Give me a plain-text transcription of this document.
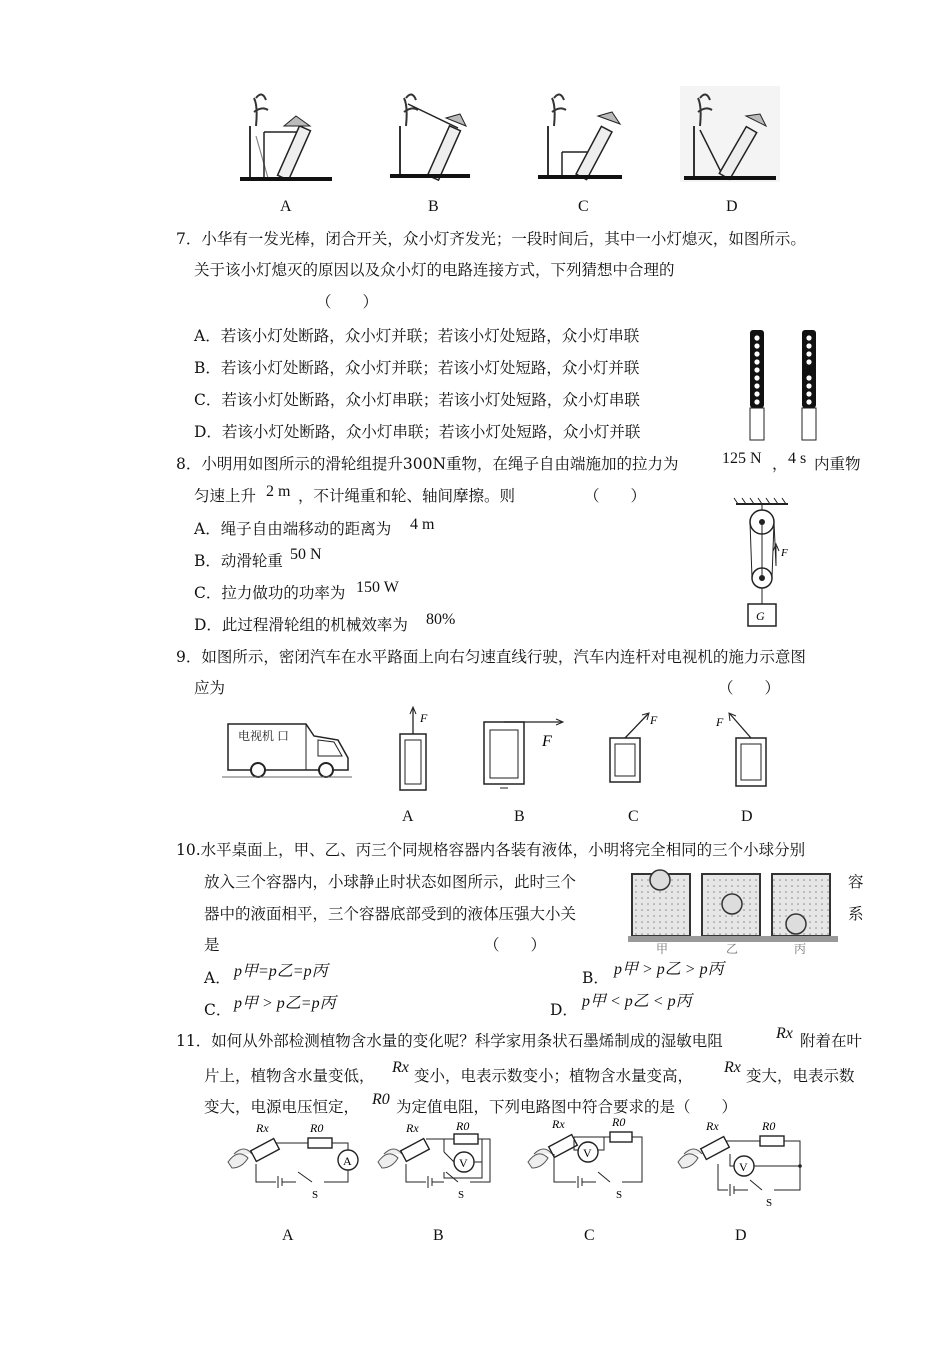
A	B	C	D
7．小华有一发光棒，闭合开关，众小灯齐发光；一段时间后，其中一小灯熄灭，如图所示。
关于该小灯熄灭的原因以及众小灯的电路连接方式，下列猜想中合理的
（　　）
A．若该小灯处断路，众小灯并联；若该小灯处短路，众小灯串联
B．若该小灯处断路，众小灯并联；若该小灯处短路，众小灯并联
C．若该小灯处断路，众小灯串联；若该小灯处短路，众小灯串联
D．若该小灯处断路，众小灯串联；若该小灯处短路，众小灯并联
8．小明用如图所示的滑轮组提升300N重物，在绳子自由端施加的拉力为	125 N ， 4 s 内重物
匀速上升 2 m ，不计绳重和轮、轴间摩擦。则	（　　）
A．绳子自由端移动的距离为 4 m
B．动滑轮重 50 N
C．拉力做功的功率为 150 W
D．此过程滑轮组的机械效率为 80%
F
G
9．如图所示，密闭汽车在水平路面上向右匀速直线行驶，汽车内连杆对电视机的施力示意图
应为	（　　）
电视机 口
F
F
F	F
A	B	C	D
10.水平桌面上，甲、乙、丙三个同规格容器内各装有液体，小明将完全相同的三个小球分别
放入三个容器内，小球静止时状态如图所示，此时三个	容
器中的液面相平，三个容器底部受到的液体压强大小关	系
是	（　　）	甲	乙	丙
A． p甲=p乙=p丙	B． p甲 > p乙 > p丙
C． p甲 > p乙=p丙	D． p甲 < p乙 < p丙
11．如何从外部检测植物含水量的变化呢？科学家用条状石墨烯制成的湿敏电阻	Rx 附着在叶
片上，植物含水量变低， Rx 变小，电表示数变小；植物含水量变高， Rx 变大，电表示数
变大，电源电压恒定， R0 为定值电阻，下列电路图中符合要求的是（　　）
Rx	R0
A
S
Rx	R0
V
S
Rx	R0
V
S
Rx	R0
V
S
A	B	C	D
